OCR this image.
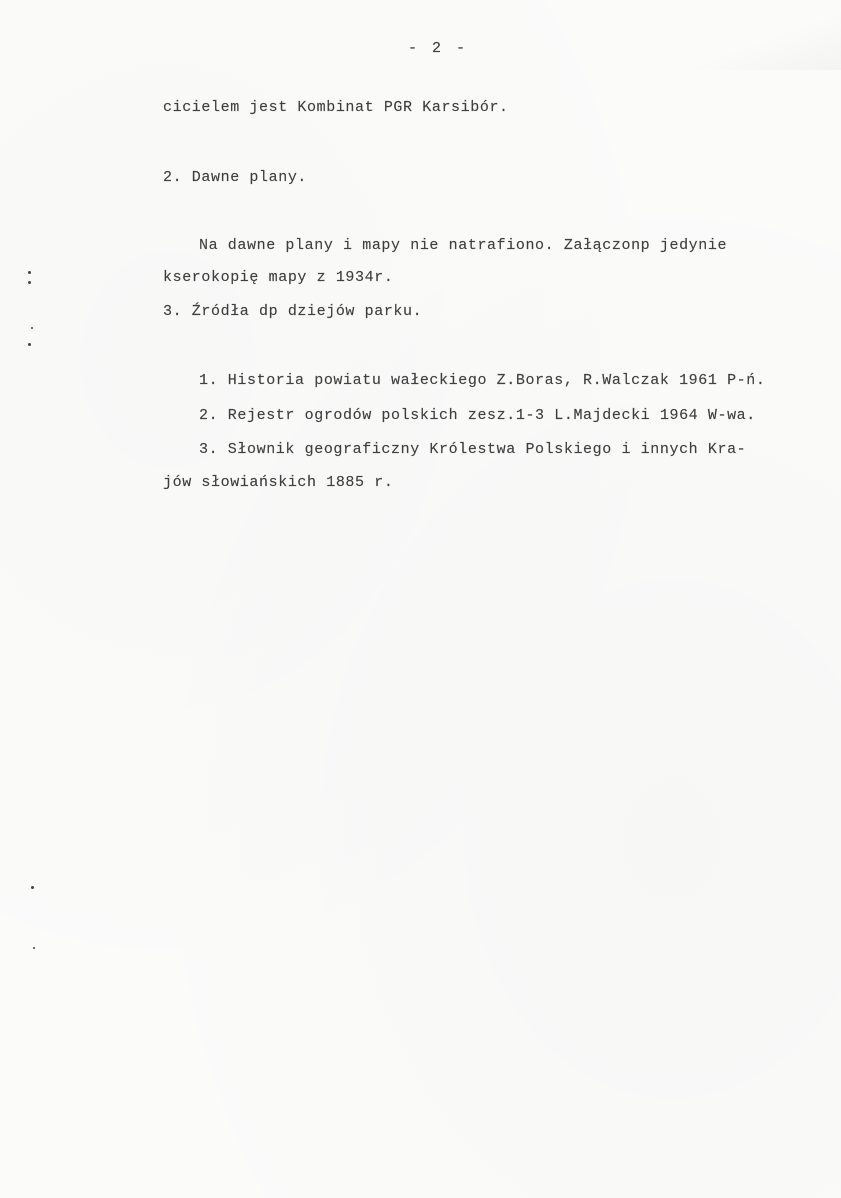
- 2 -
cicielem jest Kombinat PGR Karsibór.
2. Dawne plany.
Na dawne plany i mapy nie natrafiono. Załączonp jedynie
kserokopię mapy z 1934r.
3. Źródła dp dziejów parku.
1. Historia powiatu wałeckiego Z.Boras, R.Walczak 1961 P-ń.
2. Rejestr ogrodów polskich zesz.1-3 L.Majdecki 1964 W-wa.
3. Słownik geograficzny Królestwa Polskiego i innych Kra-
jów słowiańskich 1885 r.
